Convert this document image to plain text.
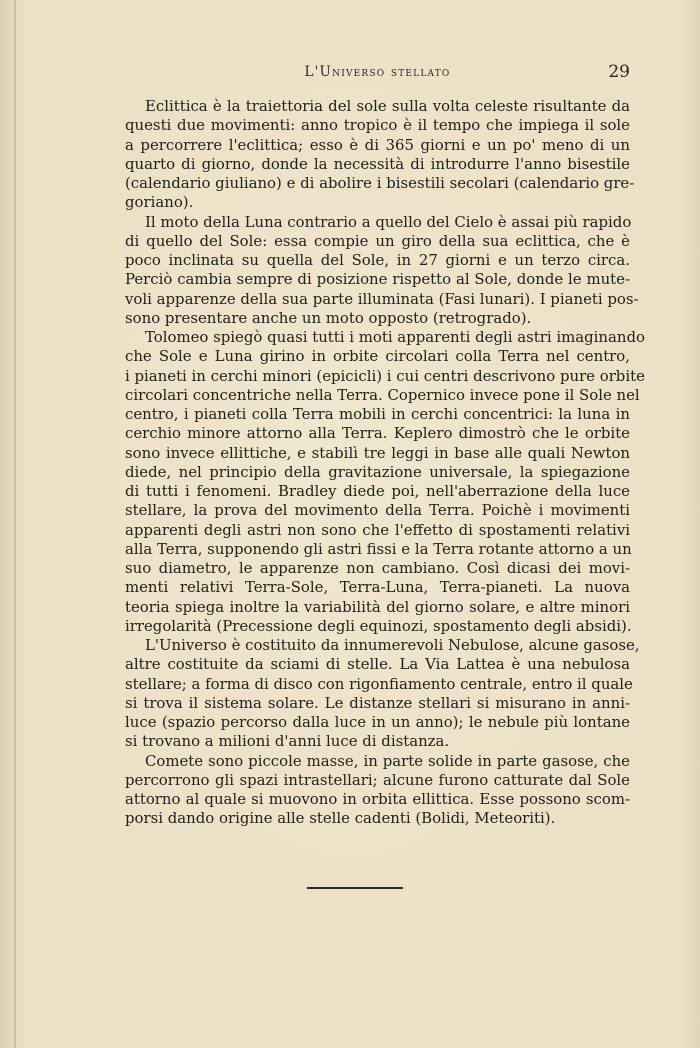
L'Universo stellato	29
Eclittica è la traiettoria del sole sulla volta celeste risultante da
questi due movimenti: anno tropico è il tempo che impiega il sole
a percorrere l'eclittica; esso è di 365 giorni e un po' meno di un
quarto di giorno, donde la necessità di introdurre l'anno bisestile
(calendario giuliano) e di abolire i bisestili secolari (calendario gre-
goriano).
Il moto della Luna contrario a quello del Cielo è assai più rapido
di quello del Sole: essa compie un giro della sua eclittica, che è
poco inclinata su quella del Sole, in 27 giorni e un terzo circa.
Perciò cambia sempre di posizione rispetto al Sole, donde le mute-
voli apparenze della sua parte illuminata (Fasi lunari). I pianeti pos-
sono presentare anche un moto opposto (retrogrado).
Tolomeo spiegò quasi tutti i moti apparenti degli astri imaginando
che Sole e Luna girino in orbite circolari colla Terra nel centro,
i pianeti in cerchi minori (epicicli) i cui centri descrivono pure orbite
circolari concentriche nella Terra. Copernico invece pone il Sole nel
centro, i pianeti colla Terra mobili in cerchi concentrici: la luna in
cerchio minore attorno alla Terra. Keplero dimostrò che le orbite
sono invece ellittiche, e stabilì tre leggi in base alle quali Newton
diede, nel principio della gravitazione universale, la spiegazione
di tutti i fenomeni. Bradley diede poi, nell'aberrazione della luce
stellare, la prova del movimento della Terra. Poichè i movimenti
apparenti degli astri non sono che l'effetto di spostamenti relativi
alla Terra, supponendo gli astri fissi e la Terra rotante attorno a un
suo diametro, le apparenze non cambiano. Così dicasi dei movi-
menti relativi Terra-Sole, Terra-Luna, Terra-pianeti. La nuova
teoria spiega inoltre la variabilità del giorno solare, e altre minori
irregolarità (Precessione degli equinozi, spostamento degli absidi).
L'Universo è costituito da innumerevoli Nebulose, alcune gasose,
altre costituite da sciami di stelle. La Via Lattea è una nebulosa
stellare; a forma di disco con rigonfiamento centrale, entro il quale
si trova il sistema solare. Le distanze stellari si misurano in anni-
luce (spazio percorso dalla luce in un anno); le nebule più lontane
si trovano a milioni d'anni luce di distanza.
Comete sono piccole masse, in parte solide in parte gasose, che
percorrono gli spazi intrastellari; alcune furono catturate dal Sole
attorno al quale si muovono in orbita ellittica. Esse possono scom-
porsi dando origine alle stelle cadenti (Bolidi, Meteoriti).
